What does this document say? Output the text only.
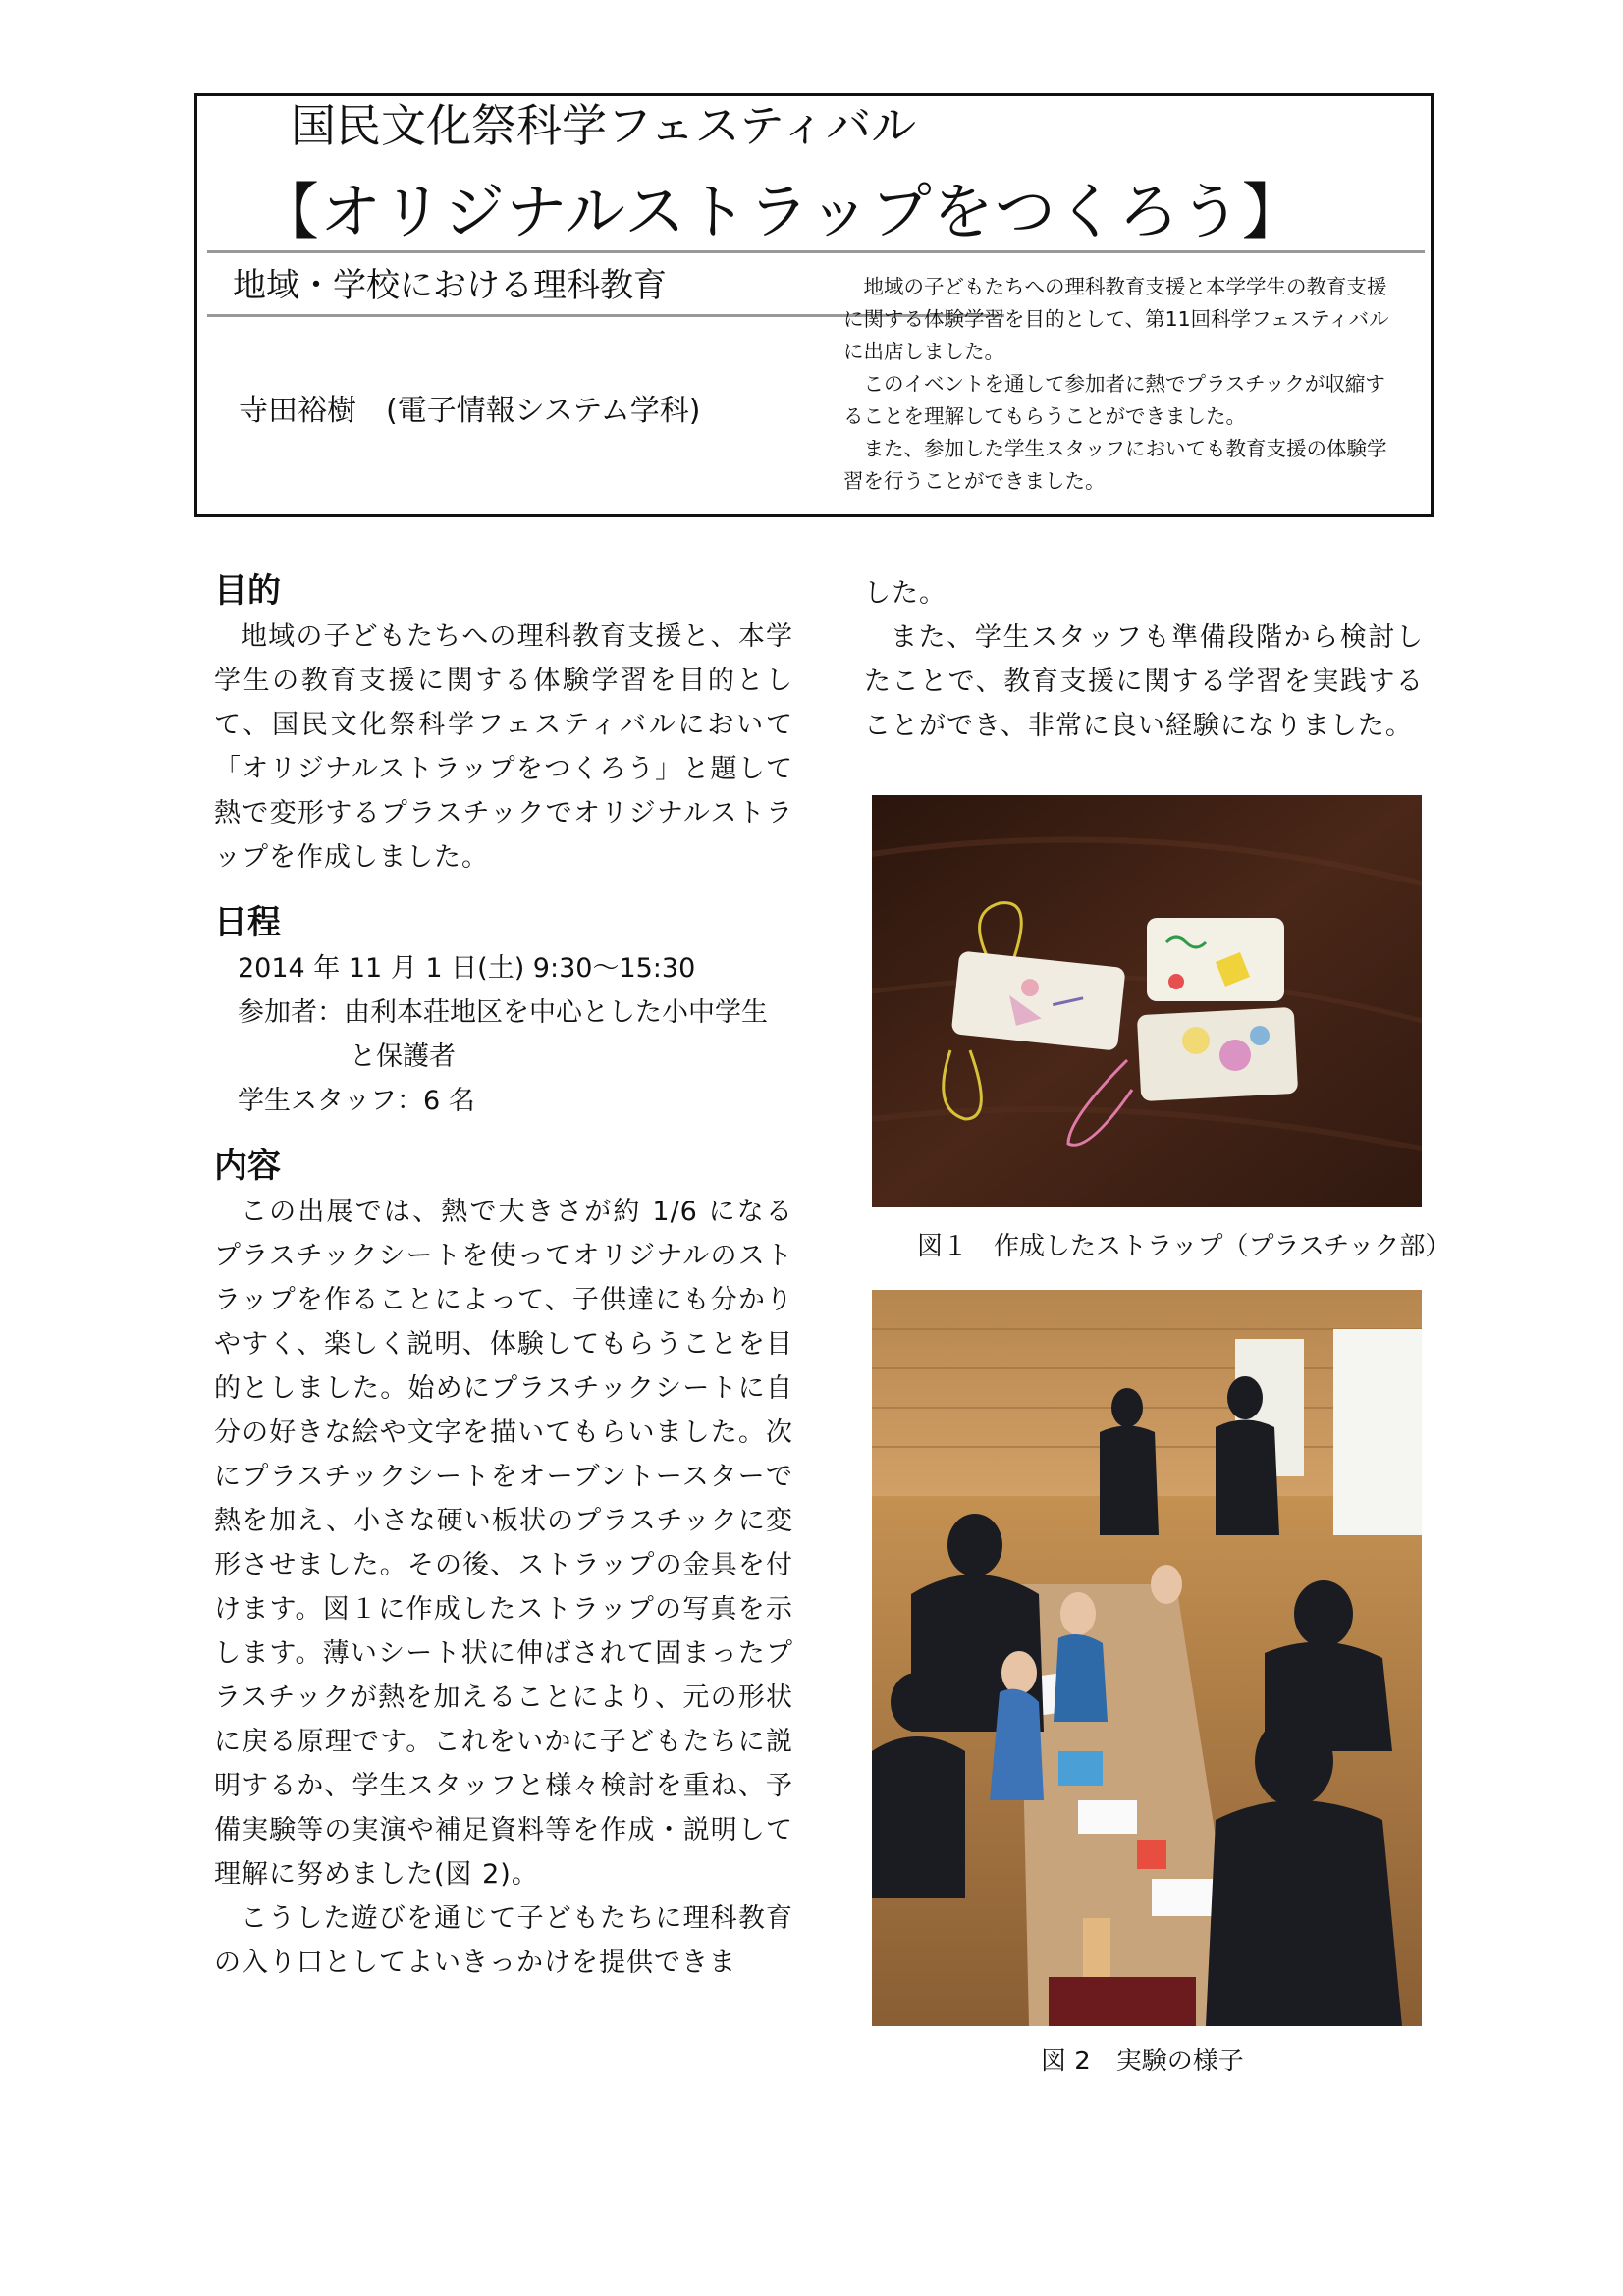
国民文化祭科学フェスティバル
【オリジナルストラップをつくろう】
地域・学校における理科教育
寺田裕樹　(電子情報システム学科)

地域の子どもたちへの理科教育支援と本学学生の教育支援に関する体験学習を目的として、第11回科学フェスティバルに出店しました。

このイベントを通して参加者に熱でプラスチックが収縮することを理解してもらうことができました。

また、参加した学生スタッフにおいても教育支援の体験学習を行うことができました。

目的

地域の子どもたちへの理科教育支援と、本学学生の教育支援に関する体験学習を目的として、国民文化祭科学フェスティバルにおいて「オリジナルストラップをつくろう」と題して熱で変形するプラスチックでオリジナルストラップを作成しました。

日程

2014 年 11 月 1 日(土) 9:30〜15:30

参加者：由利本荘地区を中心とした小中学生

と保護者

学生スタッフ：6 名

内容

この出展では、熱で大きさが約 1/6 になるプラスチックシートを使ってオリジナルのストラップを作ることによって、子供達にも分かりやすく、楽しく説明、体験してもらうことを目的としました。始めにプラスチックシートに自分の好きな絵や文字を描いてもらいました。次にプラスチックシートをオーブントースターで熱を加え、小さな硬い板状のプラスチックに変形させました。その後、ストラップの金具を付けます。図１に作成したストラップの写真を示します。薄いシート状に伸ばされて固まったプラスチックが熱を加えることにより、元の形状に戻る原理です。これをいかに子どもたちに説明するか、学生スタッフと様々検討を重ね、予備実験等の実演や補足資料等を作成・説明して理解に努めました(図 2)。

こうした遊びを通じて子どもたちに理科教育の入り口としてよいきっかけを提供できま

した。

また、学生スタッフも準備段階から検討したことで、教育支援に関する学習を実践することができ、非常に良い経験になりました。

図１　作成したストラップ（プラスチック部）
図 2　実験の様子
